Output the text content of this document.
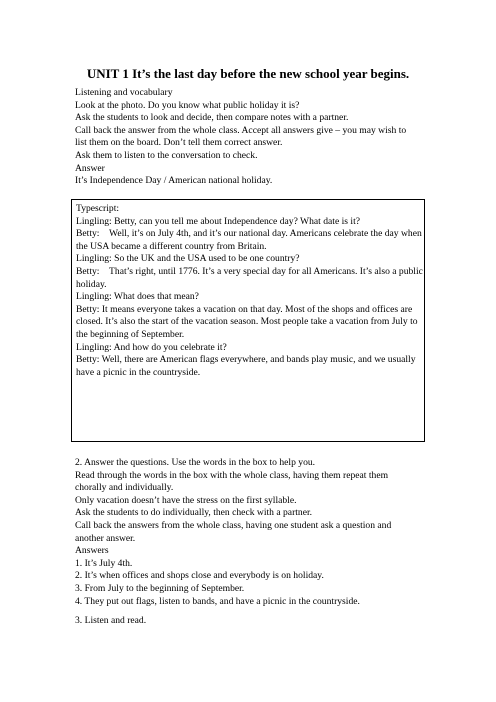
UNIT 1 It’s the last day before the new school year begins.
Listening and vocabulary
Look at the photo. Do you know what public holiday it is?
Ask the students to look and decide, then compare notes with a partner.
Call back the answer from the whole class. Accept all answers give – you may wish to
list them on the board. Don’t tell them correct answer.
Ask them to listen to the conversation to check.
Answer
It’s Independence Day / American national holiday.
Typescript:
Lingling: Betty, can you tell me about Independence day? What date is it?
Betty:    Well, it’s on July 4th, and it’s our national day. Americans celebrate the day when the USA became a different country from Britain.
Lingling: So the UK and the USA used to be one country?
Betty:    That’s right, until 1776. It’s a very special day for all Americans. It’s also a public holiday.
Lingling: What does that mean?
Betty: It means everyone takes a vacation on that day. Most of the shops and offices are closed. It’s also the start of the vacation season. Most people take a vacation from July to the beginning of September.
Lingling: And how do you celebrate it?
Betty: Well, there are American flags everywhere, and bands play music, and we usually have a picnic in the countryside.
2. Answer the questions. Use the words in the box to help you.
Read through the words in the box with the whole class, having them repeat them
chorally and individually.
Only vacation doesn’t have the stress on the first syllable.
Ask the students to do individually, then check with a partner.
Call back the answers from the whole class, having one student ask a question and
another answer.
Answers
1. It’s July 4th.
2. It’s when offices and shops close and everybody is on holiday.
3. From July to the beginning of September.
4. They put out flags, listen to bands, and have a picnic in the countryside.
3. Listen and read.
